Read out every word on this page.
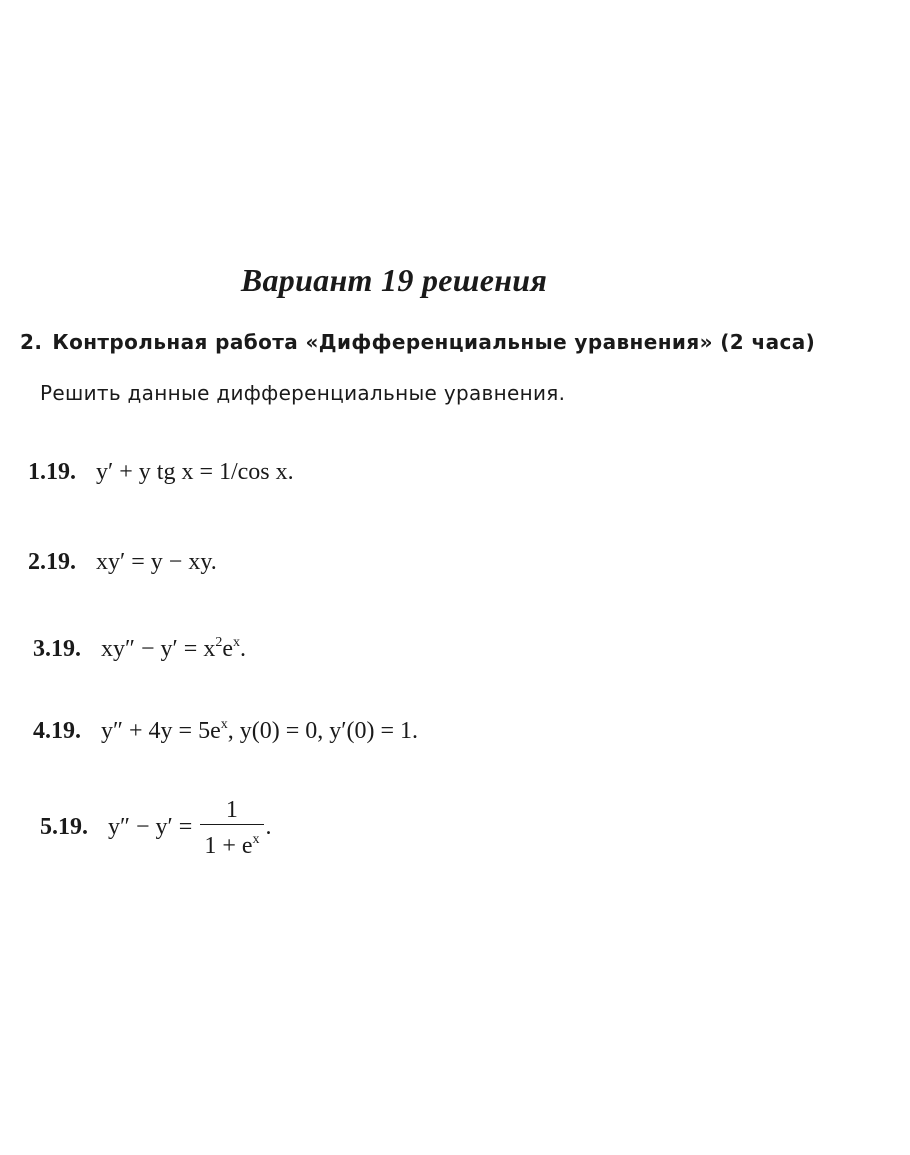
Вариант 19 решения
2. Контрольная работа «Дифференциальные уравнения» (2 часа)
Решить данные дифференциальные уравнения.
1.19. y′ + y tg x = 1/cos x.
2.19. xy′ = y − xy.
3.19. $xy'' - y' = x^2e^x$.
4.19. $y'' + 4y = 5e^x$, y(0) = 0, y′(0) = 1.
5.19. $y'' - y' = \frac{1}{1 + e^x}$ .
